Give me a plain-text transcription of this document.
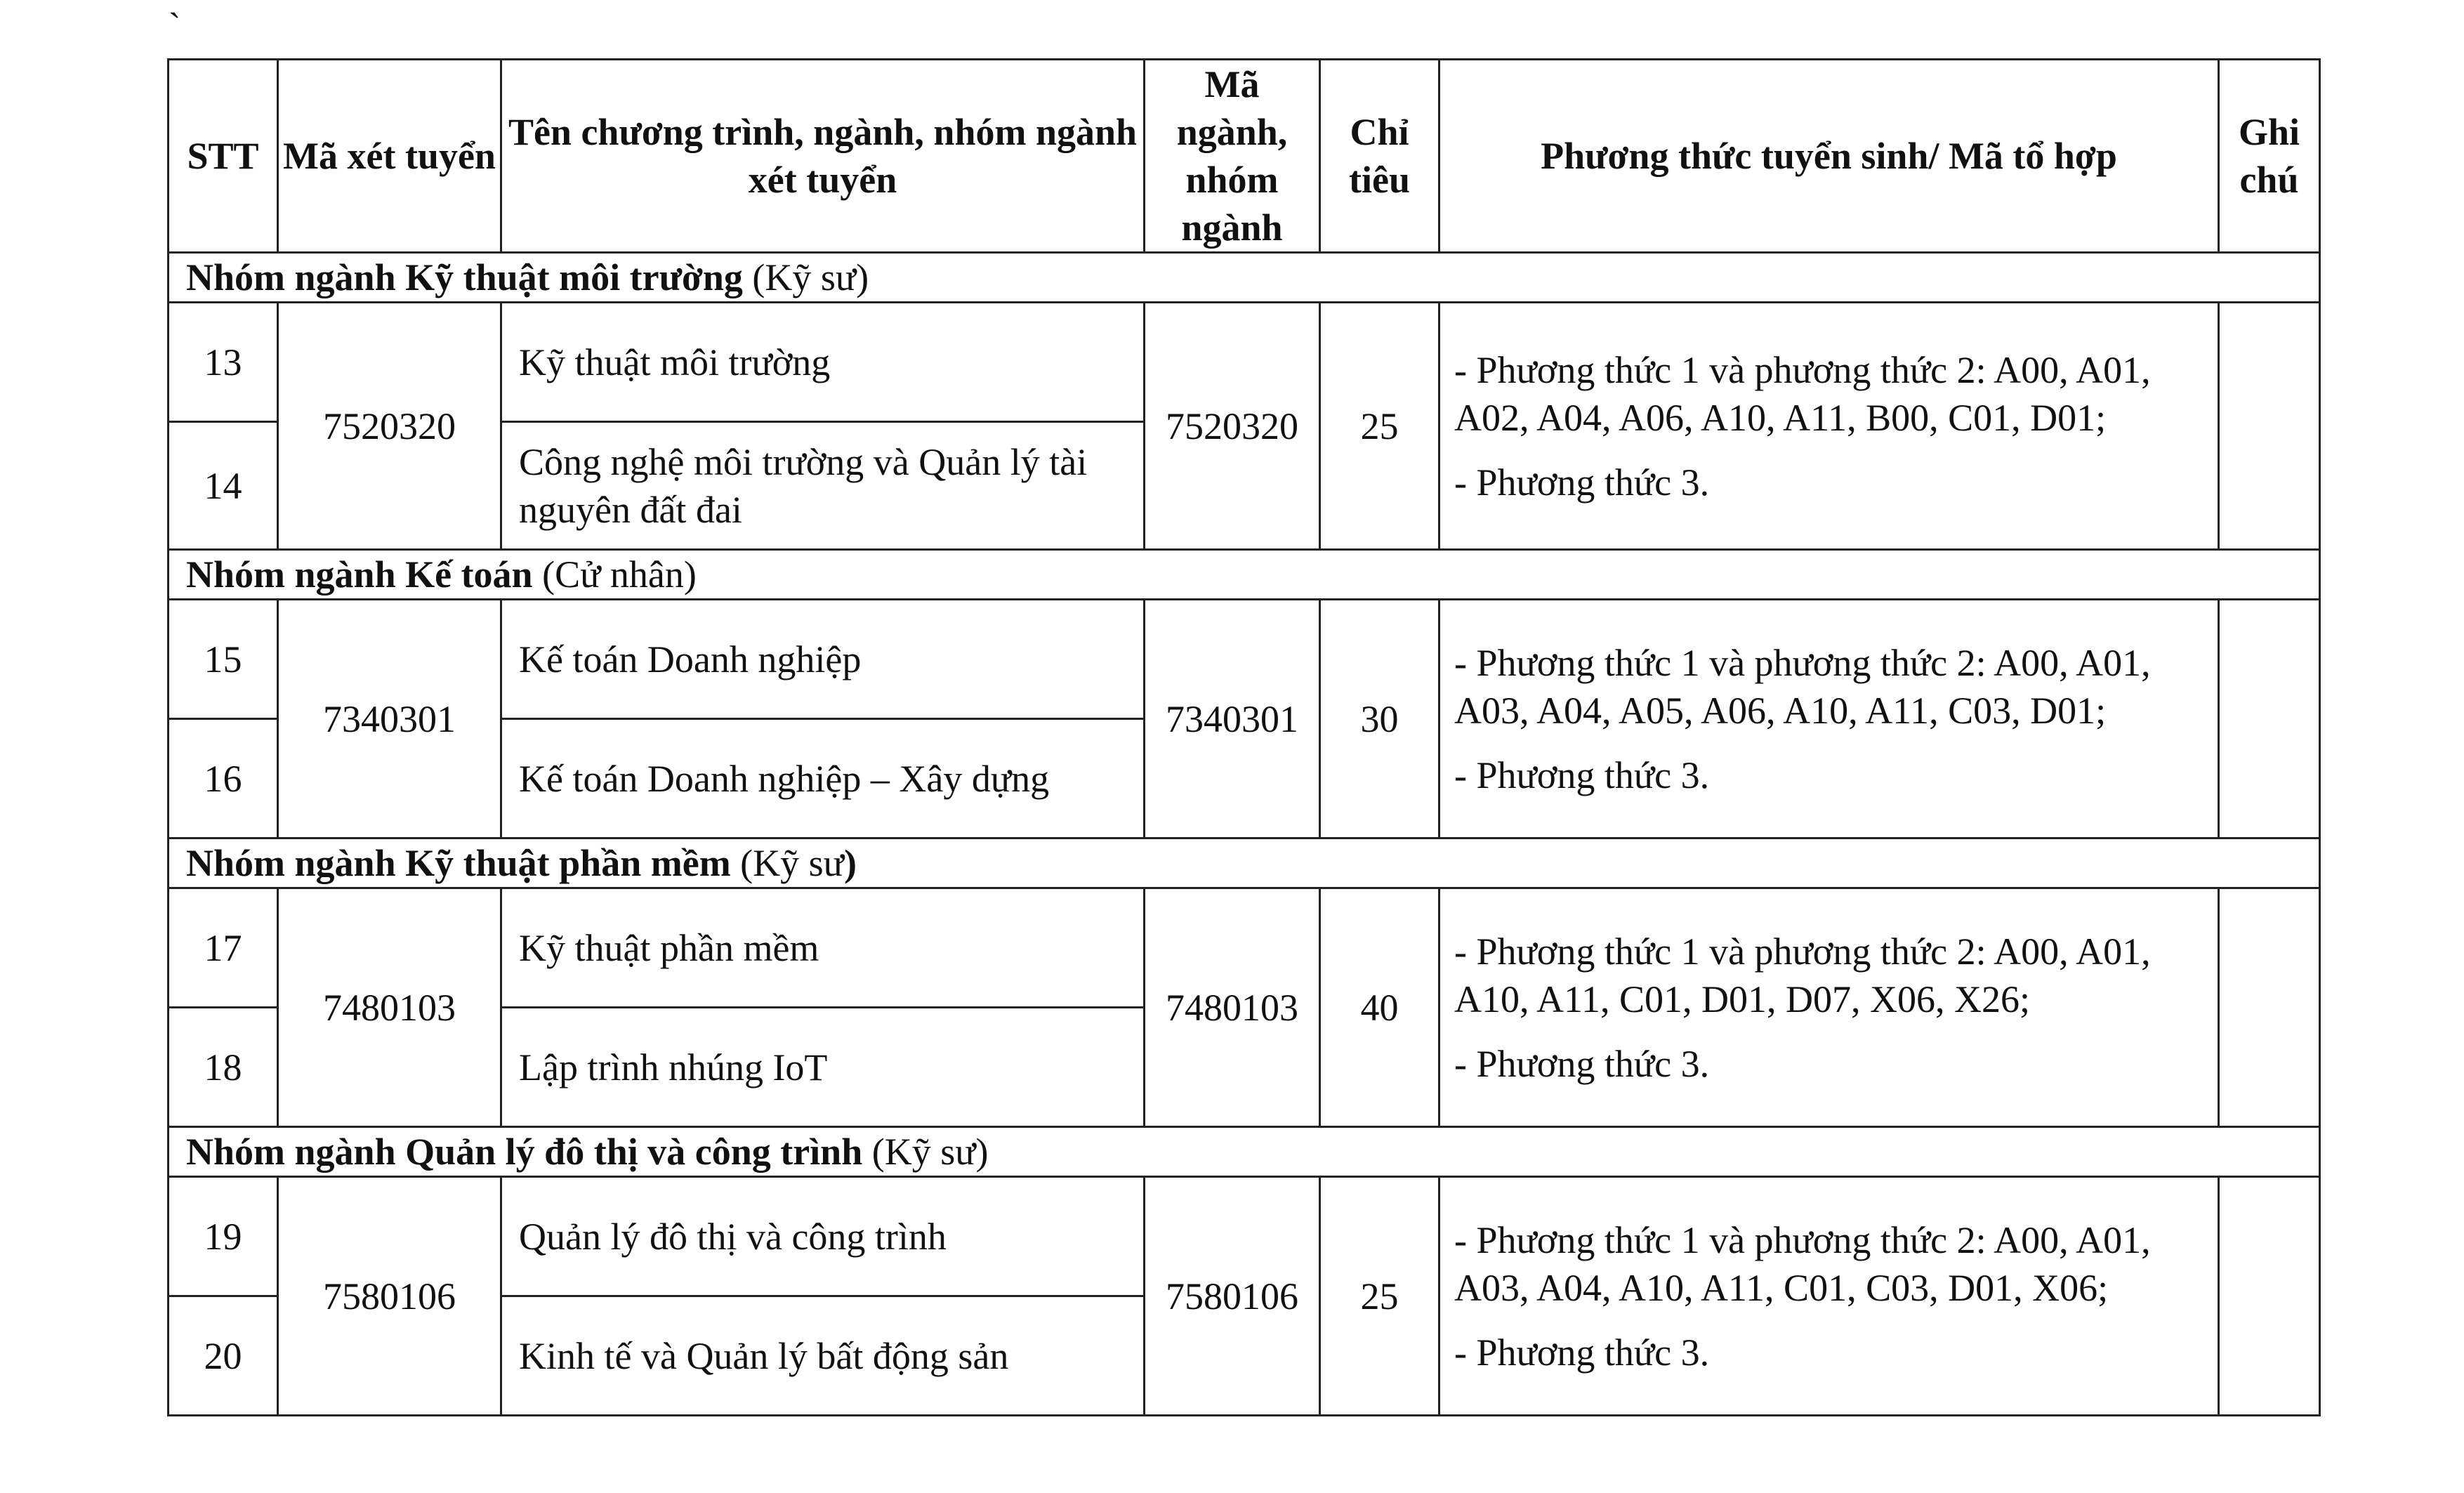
`
STT	Mã xét tuyển	Tên chương trình, ngành, nhóm ngành xét tuyển	Mã ngành, nhóm ngành	Chỉ tiêu	Phương thức tuyển sinh/ Mã tổ hợp	Ghi chú
Nhóm ngành Kỹ thuật môi trường (Kỹ sư)						
13	7520320	Kỹ thuật môi trường	7520320	25	- Phương thức 1 và phương thức 2: A00, A01, A02, A04, A06, A10, A11, B00, C01, D01;
- Phương thức 3.	

14		Công nghệ môi trường và Quản lý tài nguyên đất đai				
Nhóm ngành Kế toán (Cử nhân)						
15	7340301	Kế toán Doanh nghiệp	7340301	30	- Phương thức 1 và phương thức 2: A00, A01, A03, A04, A05, A06, A10, A11, C03, D01;
- Phương thức 3.	

16		Kế toán Doanh nghiệp – Xây dựng				
Nhóm ngành Kỹ thuật phần mềm (Kỹ sư)						
17	7480103	Kỹ thuật phần mềm	7480103	40	- Phương thức 1 và phương thức 2: A00, A01, A10, A11, C01, D01, D07, X06, X26;
- Phương thức 3.	

18		Lập trình nhúng IoT				
Nhóm ngành Quản lý đô thị và công trình (Kỹ sư)						
19	7580106	Quản lý đô thị và công trình	7580106	25	- Phương thức 1 và phương thức 2: A00, A01, A03, A04, A10, A11, C01, C03, D01, X06;
- Phương thức 3.	

20		Kinh tế và Quản lý bất động sản				
